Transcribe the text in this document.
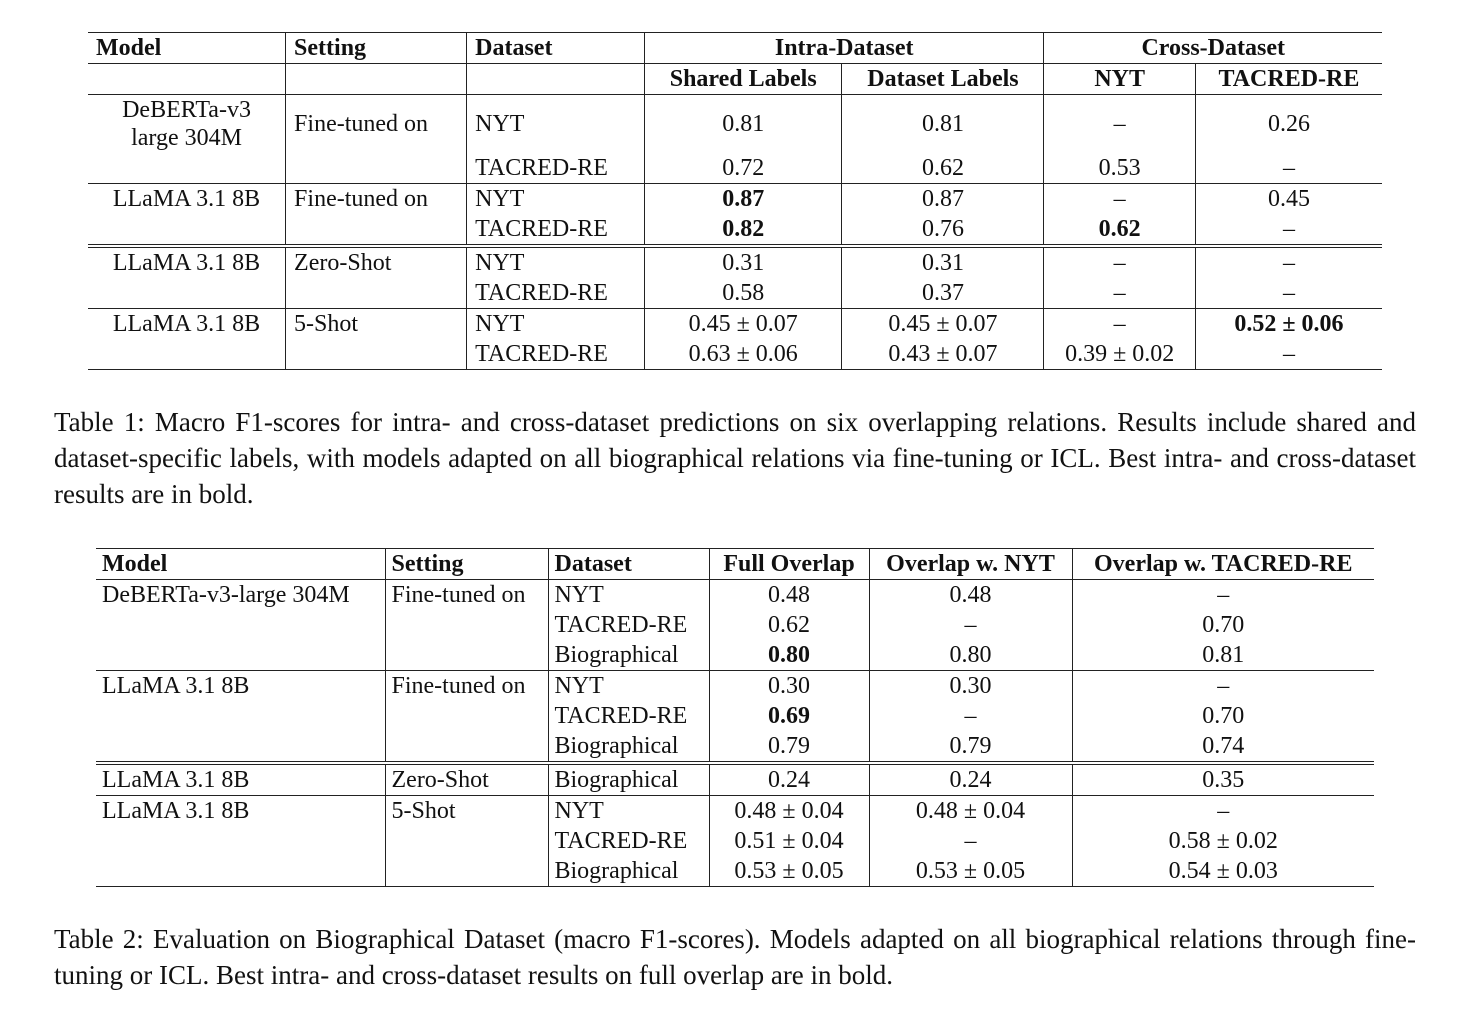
Model	Setting	Dataset	Intra-Dataset		Cross-Dataset	
			Shared Labels	Dataset Labels	NYT	TACRED-RE
DeBERTa-v3
large 304M	Fine-tuned on	NYT	0.81	0.81	–	0.26
		TACRED-RE	0.72	0.62	0.53	–
LLaMA 3.1 8B	Fine-tuned on	NYT	0.87	0.87	–	0.45
		TACRED-RE	0.82	0.76	0.62	–
LLaMA 3.1 8B	Zero-Shot	NYT	0.31	0.31	–	–
		TACRED-RE	0.58	0.37	–	–
LLaMA 3.1 8B	5-Shot	NYT	0.45 ± 0.07	0.45 ± 0.07	–	0.52 ± 0.06
		TACRED-RE	0.63 ± 0.06	0.43 ± 0.07	0.39 ± 0.02	–

Table 1: Macro F1-scores for intra- and cross-dataset predictions on six overlapping relations. Results include shared and dataset-specific labels, with models adapted on all biographical relations via fine-tuning or ICL. Best intra- and cross-dataset results are in bold.

Model	Setting	Dataset	Full Overlap	Overlap w. NYT	Overlap w. TACRED-RE
DeBERTa-v3-large 304M	Fine-tuned on	NYT	0.48	0.48	–
		TACRED-RE	0.62	–	0.70
		Biographical	0.80	0.80	0.81
LLaMA 3.1 8B	Fine-tuned on	NYT	0.30	0.30	–
		TACRED-RE	0.69	–	0.70
		Biographical	0.79	0.79	0.74
LLaMA 3.1 8B	Zero-Shot	Biographical	0.24	0.24	0.35
LLaMA 3.1 8B	5-Shot	NYT	0.48 ± 0.04	0.48 ± 0.04	–
		TACRED-RE	0.51 ± 0.04	–	0.58 ± 0.02
		Biographical	0.53 ± 0.05	0.53 ± 0.05	0.54 ± 0.03

Table 2: Evaluation on Biographical Dataset (macro F1-scores). Models adapted on all biographical relations through fine-tuning or ICL. Best intra- and cross-dataset results on full overlap are in bold.
